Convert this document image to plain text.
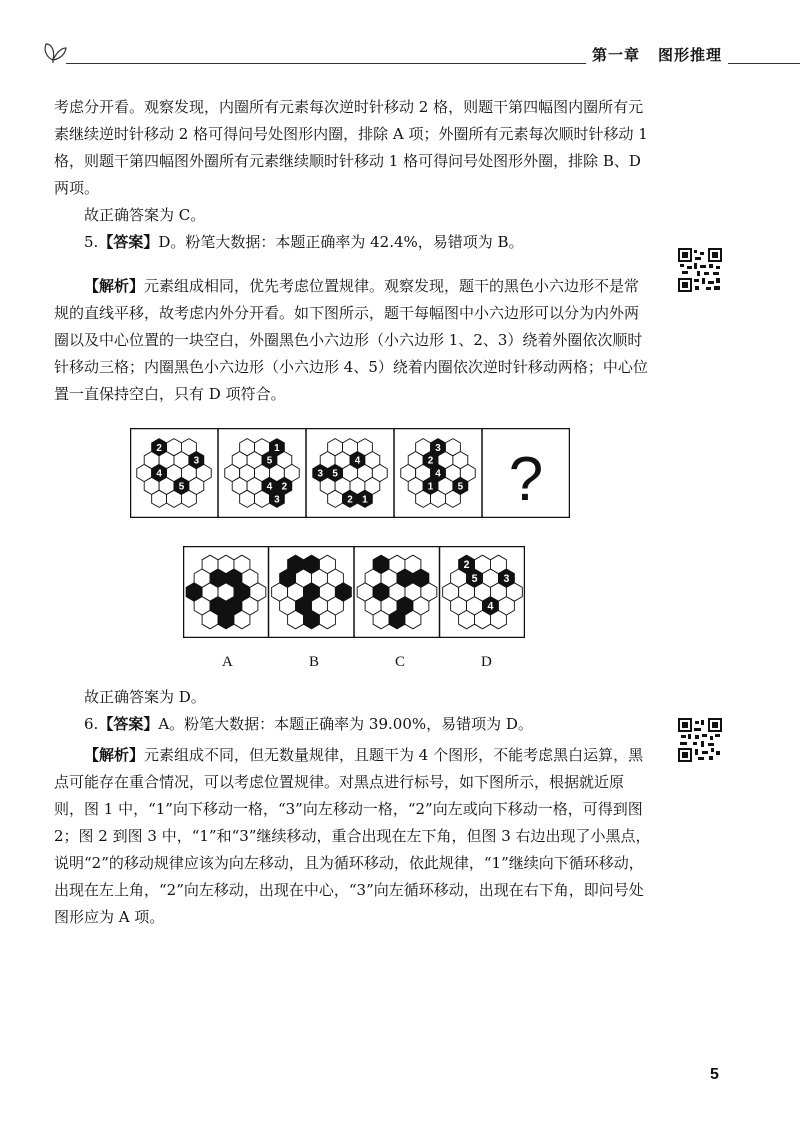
第一章 图形推理

考虑分开看。观察发现，内圈所有元素每次逆时针移动 2 格，则题干第四幅图内圈所有元素继续逆时针移动 2 格可得问号处图形内圈，排除 A 项；外圈所有元素每次顺时针移动 1 格，则题干第四幅图外圈所有元素继续顺时针移动 1 格可得问号处图形外圈，排除 B、D 两项。

故正确答案为 C。

5.【答案】D。粉笔大数据：本题正确率为 42.4%，易错项为 B。

【解析】元素组成相同，优先考虑位置规律。观察发现，题干的黑色小六边形不是常规的直线平移，故考虑内外分开看。如下图所示，题干每幅图中小六边形可以分为内外两圈以及中心位置的一块空白，外圈黑色小六边形（小六边形 1、2、3）绕着外圈依次顺时针移动三格；内圈黑色小六边形（小六边形 4、5）绕着内圈依次逆时针移动两格；中心位置一直保持空白，只有 D 项符合。

?
4
2
5
3
4
3
5
2
1
3 5
2 1
4
1
2
4
3
5
2
5
4
3
A	B	C	D

故正确答案为 D。

6.【答案】A。粉笔大数据：本题正确率为 39.00%，易错项为 D。

【解析】元素组成不同，但无数量规律，且题干为 4 个图形，不能考虑黑白运算，黑点可能存在重合情况，可以考虑位置规律。对黑点进行标号，如下图所示，根据就近原则，图 1 中，“1”向下移动一格，“3”向左移动一格，“2”向左或向下移动一格，可得到图 2；图 2 到图 3 中，“1”和“3”继续移动，重合出现在左下角，但图 3 右边出现了小黑点，说明“2”的移动规律应该为向左移动，且为循环移动，依此规律，“1”继续向下循环移动，出现在左上角，“2”向左移动，出现在中心，“3”向左循环移动，出现在右下角，即问号处图形应为 A 项。

5
